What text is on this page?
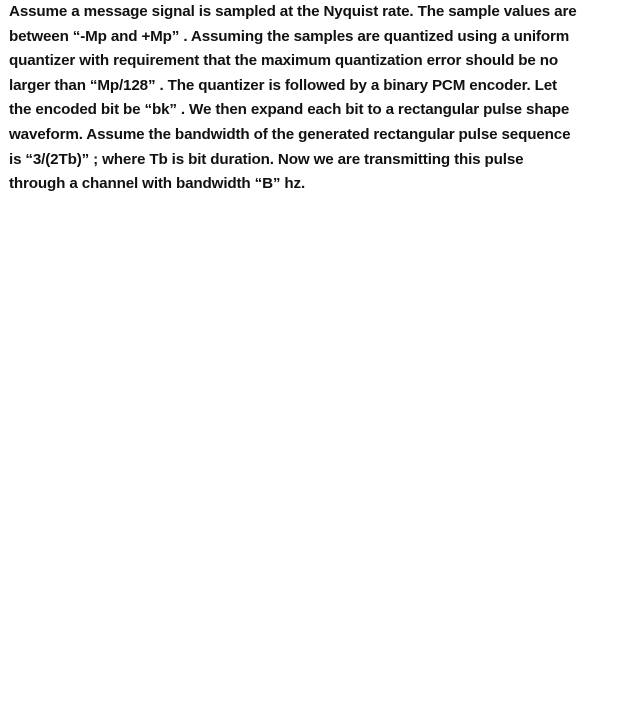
Assume a message signal is sampled at the Nyquist rate. The sample values are
between “-Mp and +Mp” . Assuming the samples are quantized using a uniform
quantizer with requirement that the maximum quantization error should be no
larger than “Mp/128” . The quantizer is followed by a binary PCM encoder. Let
the encoded bit be “bk” . We then expand each bit to a rectangular pulse shape
waveform. Assume the bandwidth of the generated rectangular pulse sequence
is “3/(2Tb)” ; where Tb is bit duration. Now we are transmitting this pulse
through a channel with bandwidth “B” hz.
